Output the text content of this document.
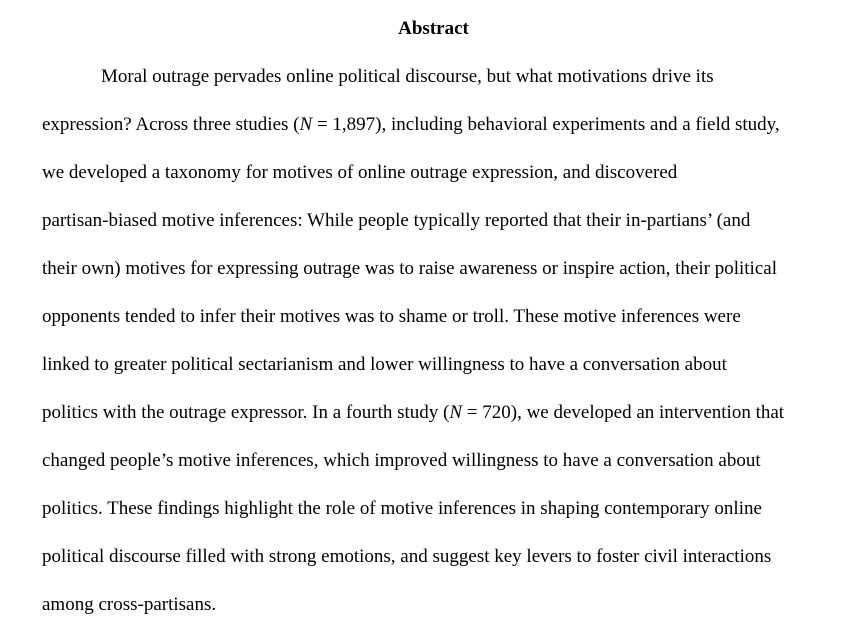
Abstract
Moral outrage pervades online political discourse, but what motivations drive its
expression? Across three studies (N = 1,897), including behavioral experiments and a field study,
we developed a taxonomy for motives of online outrage expression, and discovered
partisan-biased motive inferences: While people typically reported that their in-partians’ (and
their own) motives for expressing outrage was to raise awareness or inspire action, their political
opponents tended to infer their motives was to shame or troll. These motive inferences were
linked to greater political sectarianism and lower willingness to have a conversation about
politics with the outrage expressor. In a fourth study (N = 720), we developed an intervention that
changed people’s motive inferences, which improved willingness to have a conversation about
politics. These findings highlight the role of motive inferences in shaping contemporary online
political discourse filled with strong emotions, and suggest key levers to foster civil interactions
among cross-partisans.
